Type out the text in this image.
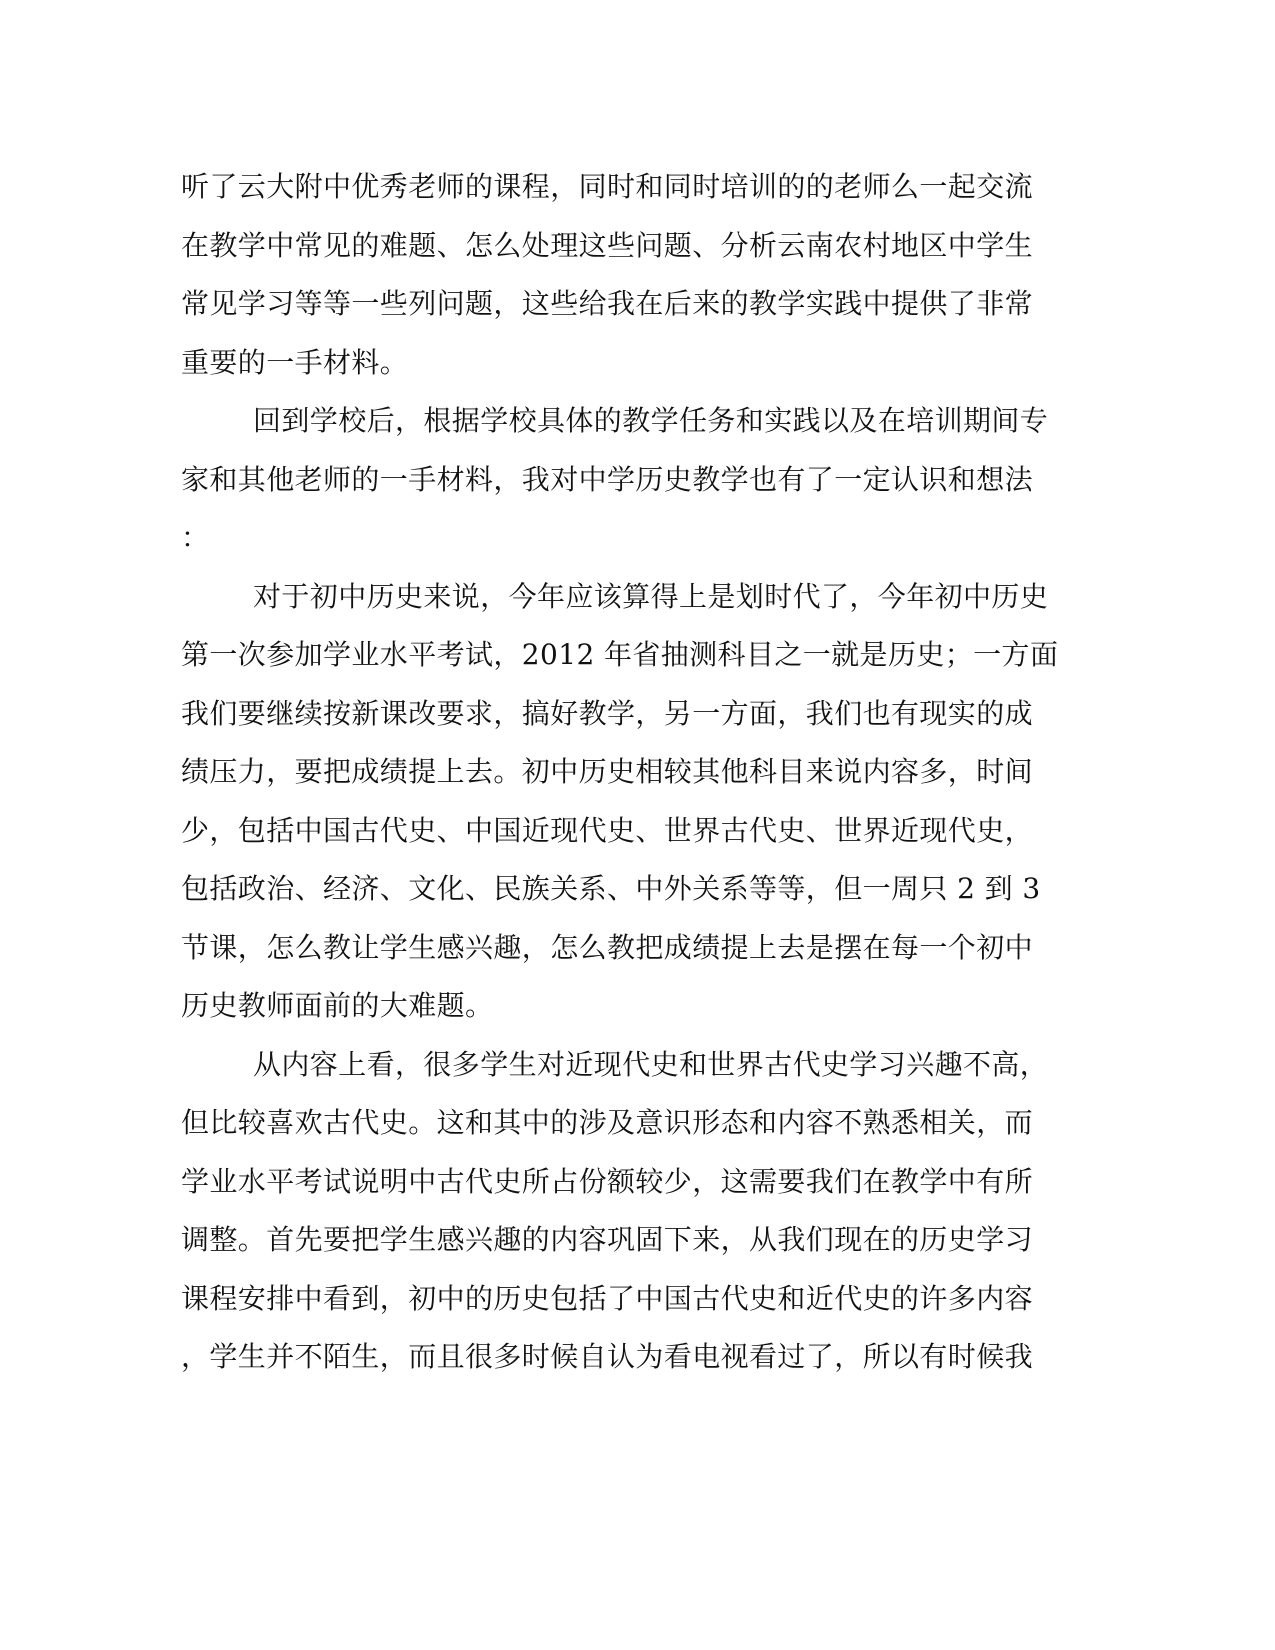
听了云大附中优秀老师的课程，同时和同时培训的的老师么一起交流
在教学中常见的难题、怎么处理这些问题、分析云南农村地区中学生
常见学习等等一些列问题，这些给我在后来的教学实践中提供了非常
重要的一手材料。
回到学校后，根据学校具体的教学任务和实践以及在培训期间专
家和其他老师的一手材料，我对中学历史教学也有了一定认识和想法
：
对于初中历史来说，今年应该算得上是划时代了，今年初中历史
第一次参加学业水平考试，2012 年省抽测科目之一就是历史；一方面
我们要继续按新课改要求，搞好教学，另一方面，我们也有现实的成
绩压力，要把成绩提上去。初中历史相较其他科目来说内容多，时间
少，包括中国古代史、中国近现代史、世界古代史、世界近现代史，
包括政治、经济、文化、民族关系、中外关系等等，但一周只 2 到 3
节课，怎么教让学生感兴趣，怎么教把成绩提上去是摆在每一个初中
历史教师面前的大难题。
从内容上看，很多学生对近现代史和世界古代史学习兴趣不高，
但比较喜欢古代史。这和其中的涉及意识形态和内容不熟悉相关，而
学业水平考试说明中古代史所占份额较少，这需要我们在教学中有所
调整。首先要把学生感兴趣的内容巩固下来，从我们现在的历史学习
课程安排中看到，初中的历史包括了中国古代史和近代史的许多内容
，学生并不陌生，而且很多时候自认为看电视看过了，所以有时候我
